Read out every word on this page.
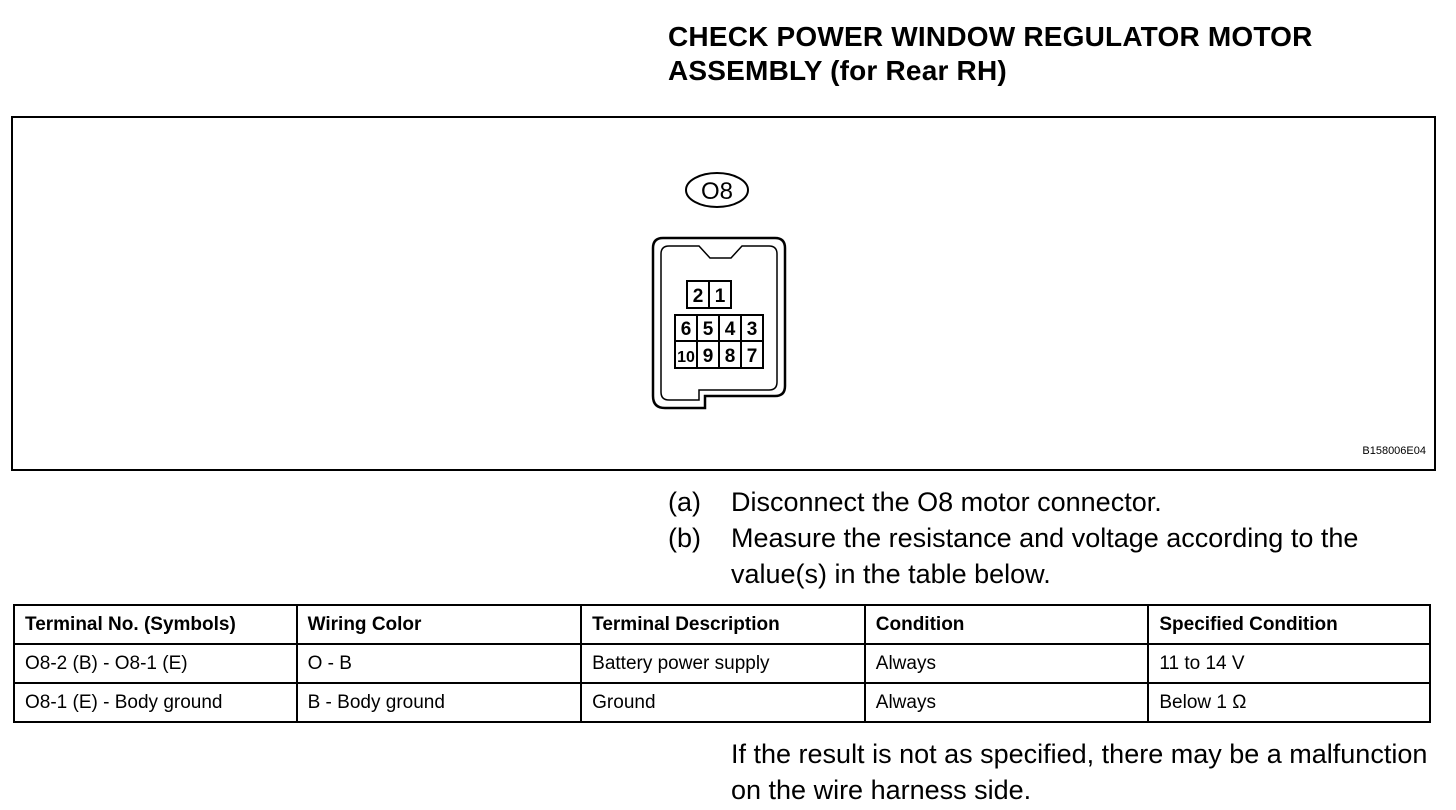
CHECK POWER WINDOW REGULATOR MOTOR
ASSEMBLY (for Rear RH)
O8
2 1
6 5 4 3
10 9 8 7
B158006E04
(a)	Disconnect the O8 motor connector.
(b)	Measure the resistance and voltage according to the value(s) in the table below.
Terminal No. (Symbols)	Wiring Color	Terminal Description	Condition	Specified Condition
O8-2 (B) - O8-1 (E)	O - B	Battery power supply	Always	11 to 14 V
O8-1 (E) - Body ground	B - Body ground	Ground	Always	Below 1 Ω
If the result is not as specified, there may be a malfunction on the wire harness side.
